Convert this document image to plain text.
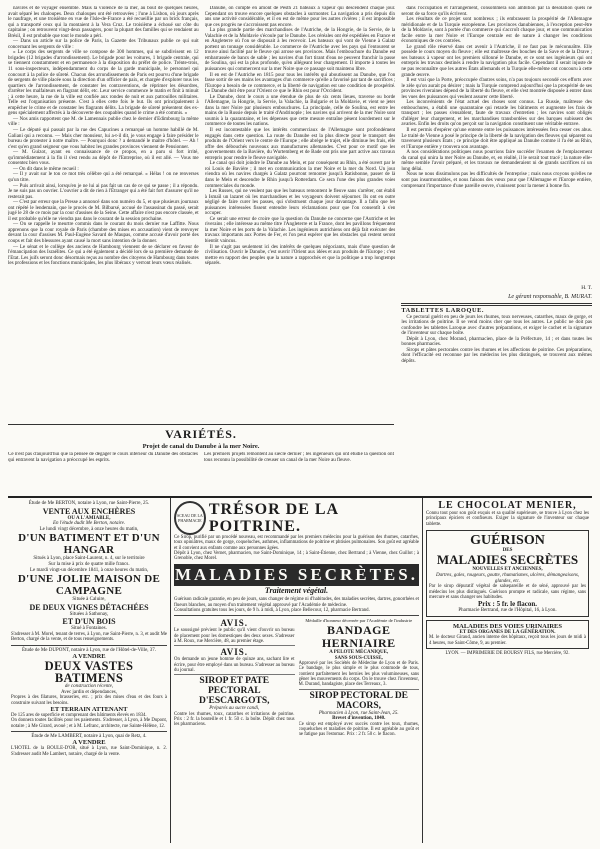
navires et de voyager ensemble. Mais la violence de la mer, au bout de quelques heures, avait séparé les chaloupes. Deux chaloupes ont été retrouvées ; l'une à Lisbon, où jours après le naufrage, et une troisième en vue de l'Isle-de-France a été recueillie par un brick français, qui a transporté ceux qui la montaient à la Vera Cruz. Le troisième a échoué sur côte du capitaine ; on retrouvent vingt-deux passagers, pour la plupart des familles qui se rendaient au Brésil, il est probable que tout le monde a péri.

— Dans un article sur la police de Paris, la Gazette des Tribunaux publie ce qui suit concernant les sergents de ville :

« Le corps des sergents de ville se compose de 300 hommes, qui se subdivisent en 12 brigades (12 brigades d'arrondissement). Le brigade pour les voitures, 1 brigade centrale, qui se tiennent constamment et en permanence à la disposition du préfet de police. Trénte-trois, 11 sous-inspecteurs, indépendamment du corps de la garde municipale, le personnel qui concourt à la police de sûreté. Chacun des arrondissements de Paris est pourvu d'une brigade de sergents de ville placée sous la direction d'un officier de paix, et chargée d'explorer tous les quartiers de l'arrondissement, de constater les contraventions, de réprimer les désordres, d'arrêter les malfaiteurs en flagrant délit, etc. Leur service commence le matin et finit à minuit ; à cette heure, la rue de la ville est confiée aux rondes de nuit et aux patrouilles militaires. Telle est l'organisation présente. C'est à elles cette fois le but. Ils ont principalement à empêcher le crime et de constater les flagrants délits. La brigade de sûreté présentent des ex-gens spécialement affectés à la découverte des coupables quand le crime a été commis. »

— Nos amis rapportent que M. de Lamennais publie chez le dernier d'Edimbourg la même ville :

— Le député qui passait par la rue des Capucines a remarqué un homme habillé de M. Galiani qui a reconnu. — Mais cher monsieur, lui a-t-il dit, je vous engage à faire présider le bureau de protester à notre maître. — Pourquoi donc ? a demandé le maître d'hôtel. — Ah ! c'est qu'en grand seigneur que vous habitez les grandes provinces viennent de Pensionner.

— M. Guizot, ayant eu connaissance de ce propos, en a paru si fort irrité, qu'immédiatement à la fin il s'est rendu au dépôt de l'Entreprise, où il est allé. — Vous me consentez bien vous.

— On dit dans le même recueil :

— Il y avait sur le ton ce mot très célèbre qui a été remarqué. » Hélas ! on ne renverses qu'un titre.

— Puis arrivait ainsi, lorsqu'en je ne lui ai pas fait un cas de ce qui se passe ; il a répondu. Je ne suis pas un ouvrier. L'ouvrier a dit de rien à l'Étranger qui a été fait fort d'assurer qu'il ne resterait pas.

— C'est par erreur que la Presse a annoncé dans son numéro du 5, et que plusieurs journaux ont répété le lendemain, que le procès de M. Bilbarsé, accusé de l'assassinat du passé, serait jugé le 28 de ce mois par la cour d'assises de la Seine. Cette affaire n'est pas encore classée, et il est probable qu'elle ne viendra pas dans le courant de la session prochaine.

— On se rappelle le meurtre commis dans le courant du mois dernier rue Laffitte. Nous apprenons que la cour royale de Paris (chambre des mises en accusation) vient de renvoyer devant la cour d'assises M. Paul-Eugène Savard de Maupas, comme accusé d'avoir porté des coups et fait des blessures ayant causé la mort sans intention de la donner.

— Le sénat et le collège des anciens de Hambourg viennent de se déclarer en faveur de l'émancipation des Israélites. Ce qui a été également a décidé lors de sa première demande de l'Etat. Les juifs seront donc désormais reçus au nombre des citoyens de Hambourg dans toutes les professions et les fonctions municipales, les plus libéraux y verront leurs vœux réalisés.

Danube, on compte en amont de Pesth 21 bateaux à vapeur qui descendent chaque jour. Cependant on trouve encore quelques obstacles à surmonter. La navigation a pris depuis dix ans une activité considérable, et il en est de même pour les autres rivières ; il est impossible que ces progrès ne s'accroissent pas encore.

La plus grande partie des marchandises de l'Autriche, de la Hongrie, de la Servie, de la Valachie et de la Moldavie s'écoule par le Danube. Les céréales ont été expédiées en France et en Angleterre où l'on se disposait à les recevoir. Les bateaux qui vont de Vienne à Galatz portent un tonnage considérable. Le commerce de l'Autriche avec les pays qui l'entourent se trouve ainsi facilité par le fleuve qui arrose ses provinces. Mais l'embouchure du Danube est embarrassée de bancs de sable ; les navires d'un fort tirant d'eau ne peuvent franchir la passe de Soulina, qui est la plus profonde, qu'en allégeant leur chargement. Il importe à toutes les puissances qui commercent sur la mer Noire que ce passage soit maintenu libre.

Il en est de l'Autriche en 1815 pour tous les intérêts qui aboutissent au Danube, que l'on fasse sortir de ses mains les avantages d'un commerce qu'elle a favorisé par tant de sacrifices ; l'Europe a besoin de ce commerce, et la liberté de navigation est une condition de prospérité. Le Danube doit être pour l'Orient ce que le Rhin est pour l'Occident.

Le Danube, dont le cours a une étendue de plus de six cents lieues, traverse ou borde l'Allemagne, la Hongrie, la Servie, la Valachie, la Bulgarie et la Moldavie, et vient se jeter dans la mer Noire par plusieurs embouchures. La principale, celle de Soulina, est entre les mains de la Russie depuis le traité d'Andrinople ; les navires qui arrivent de la mer Noire sont soumis à la quarantaine, et les dépenses que cette mesure entraîne pèsent lourdement sur le commerce de toutes les nations.

Il est incontestable que les intérêts commerciaux de l'Allemagne sont profondément engagés dans cette question. La route du Danube est la plus directe pour le transport des produits de l'Orient vers le centre de l'Europe ; elle abrège le trajet, elle diminue les frais, elle offre des débouchés nouveaux aux manufactures allemandes. C'est pour ce motif que les gouvernements de la Bavière, du Wurtemberg et de Bade ont pris une part active aux travaux entrepris pour rendre le fleuve navigable.

Le canal qui doit joindre le Danube au Mein, et par conséquent au Rhin, a été ouvert par le roi Louis de Bavière ; il met en communication la mer Noire et la mer du Nord. Un jour viendra où les navires chargés à Galatz pourront remonter jusqu'à Ratisbonne, passer de là dans le Mein et descendre le Rhin jusqu'à Rotterdam. Ce sera l'une des plus grandes voies commerciales du monde.

Les Russes, qui ne veulent pas que les bateaux remontent le fleuve sans s'arrêter, ont établi à Ismaïl un lazaret où les marchandises et les voyageurs doivent séjourner. Ils ont en outre négligé de faire curer les passes, qui s'obstruent chaque jour davantage. Il a fallu que les puissances intéressées fissent entendre leurs réclamations pour que l'on consentît à s'en occuper.

Ce serait une erreur de croire que la question du Danube ne concerne que l'Autriche et les riverains ; elle intéresse au même titre l'Angleterre et la France, dont les pavillons fréquentent la mer Noire et les ports de la Valachie. Les ingénieurs autrichiens ont déjà fait exécuter des travaux importants aux Portes de Fer, et l'on peut espérer que les obstacles qui restent seront bientôt vaincus.

Il ne s'agit pas seulement ici des intérêts de quelques négociants, mais d'une question de civilisation. Ouvrir le Danube, c'est ouvrir l'Orient aux idées et aux produits de l'Europe ; c'est mettre en rapport des peuples que la nature a rapprochés et que la politique a trop longtemps séparés.

dans l'occupation et l'arrangement, consommera son ambition par la désolation quels ne seront de sa force qu'ils écrivent.

Les résultats de ce projet sont nombreux ; ils embrassent la prospérité de l'Allemagne méridionale et de la Turquie européenne. Les provinces danubiennes, à l'exception peut-être de la Moldavie, sont à portée d'un commerce qui s'accroît chaque jour, et une communication facile entre la mer Noire et l'Europe centrale est de nature à changer les conditions économiques de ces contrées.

Le grand rôle réservé dans cet avenir à l'Autriche, il ne faut pas le méconnaître. Elle possède le cours moyen du fleuve ; elle est maîtresse des bouches de la Save et de la Drave ; ses bateaux à vapeur ont les premiers sillonné le Danube, et ce sont ses ingénieurs qui ont entrepris les travaux destinés à rendre la navigation plus facile. Cependant il serait injuste de ne pas reconnaître que les autres États allemands et la Turquie elle-même ont concouru à cette grande œuvre.

Il est vrai que la Porte, préoccupée d'autres soins, n'a pas toujours secondé ces efforts avec le zèle qu'on aurait pu désirer ; mais la Turquie comprend aujourd'hui que la prospérité de ses provinces riveraines dépend de la liberté du fleuve, et elle s'est montrée disposée à entrer dans les vues des puissances qui veulent assurer cette liberté.

Les inconvénients de l'état actuel des choses sont connus. La Russie, maîtresse des embouchures, a établi une quarantaine qui retarde les bâtiments et augmente les frais de transport ; les passes s'ensablent, faute de travaux d'entretien ; les navires sont obligés d'alléger leur chargement, et les marchandises transbordées sur des barques subissent des avaries. Enfin les droits qu'on perçoit sur la navigation constituent une véritable entrave.

Il est permis d'espérer qu'une entente entre les puissances intéressées fera cesser ces abus. Le traité de Vienne a posé le principe de la liberté de la navigation des fleuves qui séparent ou traversent plusieurs États ; ce principe doit être appliqué au Danube comme il l'a été au Rhin, et l'Europe entière y trouvera son avantage.

A nos considérations politiques nous pourrions faire succéder l'examen de l'emplacement du canal qui unira la mer Noire au Danube, et, en réalité, il le serait tout tracé ; la nature elle-même semble l'avoir préparé, et les travaux ne demanderaient ni de grands sacrifices ni un long délai.

Nous ne nous dissimulons pas les difficultés de l'entreprise ; mais nous croyons qu'elles ne sont pas insurmontables, et nous faisons des vœux pour que l'Allemagne et l'Europe entière, comprenant l'importance d'une pareille œuvre, s'unissent pour la mener à bonne fin.

H. T.
Le gérant responsable, B. MURAT.
TABLETTES LAROQUE.

Ce pectoral guérit en peu de jours les rhumes, toux nerveuses, catarrhes, maux de gorge, et les irritations de poitrine. Il se vend moins cher que tous les autres. Le public ne doit pas confondre les tablettes Laroque avec d'autres préparations, et exiger le cachet et la signature de l'inventeur sur chaque boîte.

Dépôt à Lyon, chez Morand, pharmacien, place de la Préfecture, 14 ; et dans toutes les bonnes pharmacies.

Sirops et pâtes pectorales contre les rhumes et les affections de poitrine. Ces préparations, dont l'efficacité est reconnue par les médecins les plus distingués, se trouvent aux mêmes dépôts.

VARIÉTÉS.
Projet de canal du Danube à la mer Noire.
Ce n'est pas d'aujourd'hui que la pensée de dégager le cours inférieur du Danube des obstacles qui entravent la navigation a préoccupé les esprits.
Les premiers projets remontent au siècle dernier ; les ingénieurs qui ont étudié la question ont tous reconnu la possibilité de creuser un canal de la mer Noire au fleuve.
Étude de Me BERTON, notaire à Lyon, rue Saint-Pierre, 25.
VENTE AUX ENCHÈRES
OU A L'AMIABLE,
En l'étude dudit Me Berton, notaire.
Le lundi vingt décembre, à onze heures du matin,
D'UN BATIMENT ET D'UN HANGAR
Situés à Lyon, place Saint-Laurent, n. 4, sur le territoire
Sur la mise à prix de quatre mille francs.
Le mardi vingt-un décembre 1841, à onze heures du matin,
D'UNE JOLIE MAISON DE CAMPAGNE
Située à Caluire,
DE DEUX VIGNES DÉTACHÉES
Situées à Sathonay,
ET D'UN BOIS
Situé à Fontaines.
S'adresser à M. Morel, tenant de terres, à Lyon, rue Saint-Pierre, n. 3, et audit Me Berton, chargé de la vente, et de tous renseignements.
Étude de Me DUPONT, notaire à Lyon, rue de l'Hôtel-de-Ville, 37.
A VENDRE
DEUX VASTES BATIMENS
de construction récente,
Avec jardin et dépendances,
Propres à des filatures, brasseries, etc. ; prix des mises d'eau et des fours à construire suivant les besoins.
ET TERRAIN ATTENANT
De 125 ares de superficie et comprenant des bâtiments élevés en 1834.
On donnera toutes facilités pour les paiements. S'adresser, à Lyon, à Me Dupont, notaire ; à Me Girard, avoué ; et à M. Lefranc, architecte, rue Sainte-Hélène, 12.
Étude de Me LAMBERT, notaire à Lyon, quai de Retz, 4.
A VENDRE
L'HOTEL de la BOULE-D'OR, situé à Lyon, rue Saint-Dominique, n. 2. S'adresser audit Me Lambert, notaire, chargé de la vente.
SCEAU DE LA PHARMACIE
TRÉSOR DE LA POITRINE.
Ce Sirop, purifié par un procédé nouveau, est recommandé par les premiers médecins pour la guérison des rhumes, catarrhes, toux opiniâtres, maux de gorge, coqueluches, asthmes, inflammations de poitrine et phtisies pulmonaires. Son goût est agréable et il convient aux enfants comme aux personnes âgées.
Dépôt à Lyon, chez Vernet, pharmacien, rue Saint-Dominique, 14 ; à Saint-Étienne, chez Bertrand ; à Vienne, chez Guillot ; à Grenoble, chez Morel.
MALADIES SECRÈTES.
Traitement végétal.
Guérison radicale garantie, en peu de jours, sans changer de régime ni d'habitudes, des maladies secrètes, dartres, gonorrhées et flueurs blanches, au moyen d'un traitement végétal approuvé par l'Académie de médecine.
Consultations gratuites tous les jours, de 9 h. à midi, à Lyon, place Bellecour, 12, pharmacie Bertrand.
AVIS.
Le soussigné prévient le public qu'il vient d'ouvrir un bureau de placement pour les domestiques des deux sexes. S'adresser à M. Roux, rue Mercière, 48, au premier étage.
AVIS.
On demande un jeune homme de quinze ans, sachant lire et écrire, pour être employé dans un bureau. S'adresser au bureau du journal.
SIROP ET PATE PECTORAL D'ESCARGOTS,
Préparés au sucre candi,
Contre les rhumes, toux, catarrhes et irritations de poitrine. Prix : 2 fr. la bouteille et 1 fr. 50 c. la boîte. Dépôt chez tous les pharmaciens.
Médaille d'honneur décernée par l'Académie de l'industrie
BANDAGE HERNIAIRE
A PELOTE MÉCANIQUE,
SANS SOUS-CUISSE,
Approuvé par les Sociétés de Médecine de Lyon et de Paris. Ce bandage, le plus simple et le plus commode de tous, contient parfaitement les hernies les plus volumineuses, sans gêner les mouvements du corps. On le trouve chez l'inventeur, M. Durand, bandagiste, place des Terreaux, 3.
SIROP PECTORAL DE MACORS,
Pharmacien à Lyon, rue Saint-Jean, 25.
Brevet d'invention, 1840.
Ce sirop est employé avec succès contre les toux, rhumes, coqueluches et maladies de poitrine. Il est agréable au goût et ne fatigue pas l'estomac. Prix : 2 fr. 50 c. le flacon.
LE CHOCOLAT MENIER,
Connu tout pour son goût exquis et sa qualité supérieure, se trouve à Lyon chez les principaux épiciers et confiseurs. Exiger la signature de l'inventeur sur chaque tablette.
GUÉRISON
DES
MALADIES SECRÈTES
NOUVELLES ET ANCIENNES,
Dartres, gales, rougeurs, goutte, rhumatismes, ulcères, démangeaisons, glandes, etc.
Par le sirop dépuratif végétal de salsepareille et de séné, approuvé par les médecins les plus distingués. Guérison prompte et radicale, sans régime, sans mercure et sans changer ses habitudes.
Prix : 5 fr. le flacon.
Pharmacie Bertrand, rue de l'Hôpital, 16, à Lyon.
MALADIES DES VOIES URINAIRES
ET DES ORGANES DE LA GÉNÉRATION.
M. le docteur Giraud, ancien interne des hôpitaux, reçoit tous les jours de midi à 4 heures, rue Saint-Côme, 9, au premier.
LYON. — IMPRIMERIE DE BOURSY FILS, rue Mercière, 92.
